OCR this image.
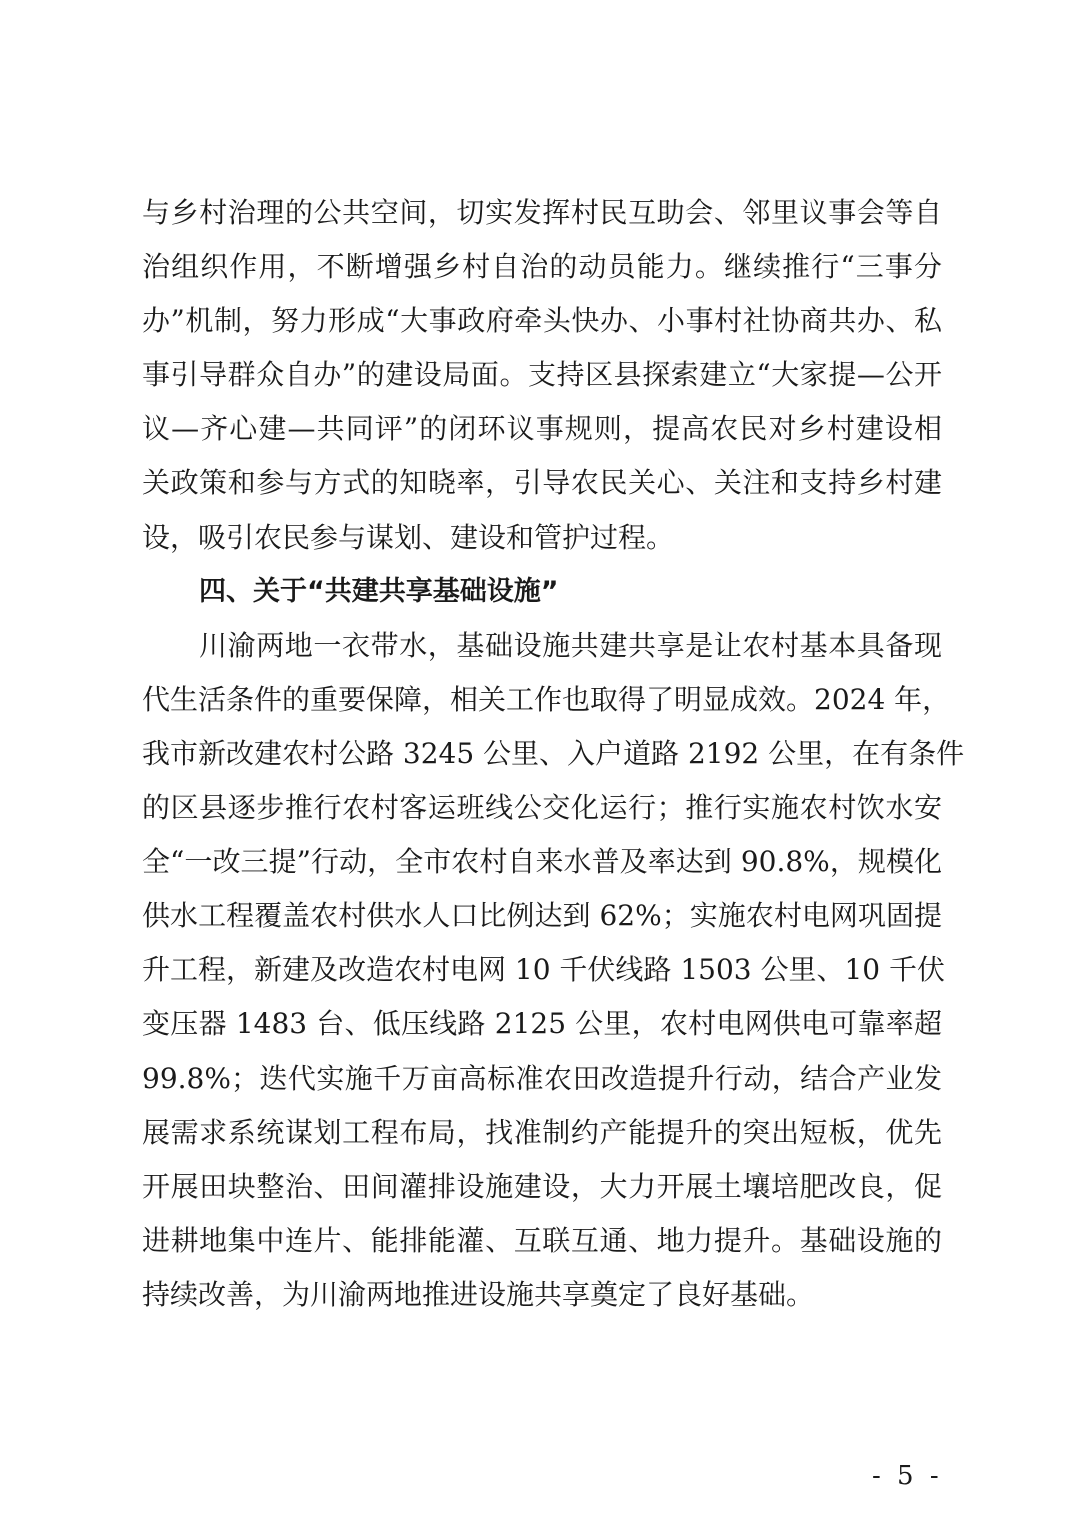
与乡村治理的公共空间，切实发挥村民互助会、邻里议事会等自
治组织作用，不断增强乡村自治的动员能力。继续推行“三事分
办”机制，努力形成“大事政府牵头快办、小事村社协商共办、私
事引导群众自办”的建设局面。支持区县探索建立“大家提—公开
议—齐心建—共同评”的闭环议事规则，提高农民对乡村建设相
关政策和参与方式的知晓率，引导农民关心、关注和支持乡村建
设，吸引农民参与谋划、建设和管护过程。
四、关于“共建共享基础设施”
川渝两地一衣带水，基础设施共建共享是让农村基本具备现
代生活条件的重要保障，相关工作也取得了明显成效。2024 年，
我市新改建农村公路 3245 公里、入户道路 2192 公里，在有条件
的区县逐步推行农村客运班线公交化运行；推行实施农村饮水安
全“一改三提”行动，全市农村自来水普及率达到 90.8%，规模化
供水工程覆盖农村供水人口比例达到 62%；实施农村电网巩固提
升工程，新建及改造农村电网 10 千伏线路 1503 公里、10 千伏
变压器 1483 台、低压线路 2125 公里，农村电网供电可靠率超
99.8%；迭代实施千万亩高标准农田改造提升行动，结合产业发
展需求系统谋划工程布局，找准制约产能提升的突出短板，优先
开展田块整治、田间灌排设施建设，大力开展土壤培肥改良，促
进耕地集中连片、能排能灌、互联互通、地力提升。基础设施的
持续改善，为川渝两地推进设施共享奠定了良好基础。
- 5 -
